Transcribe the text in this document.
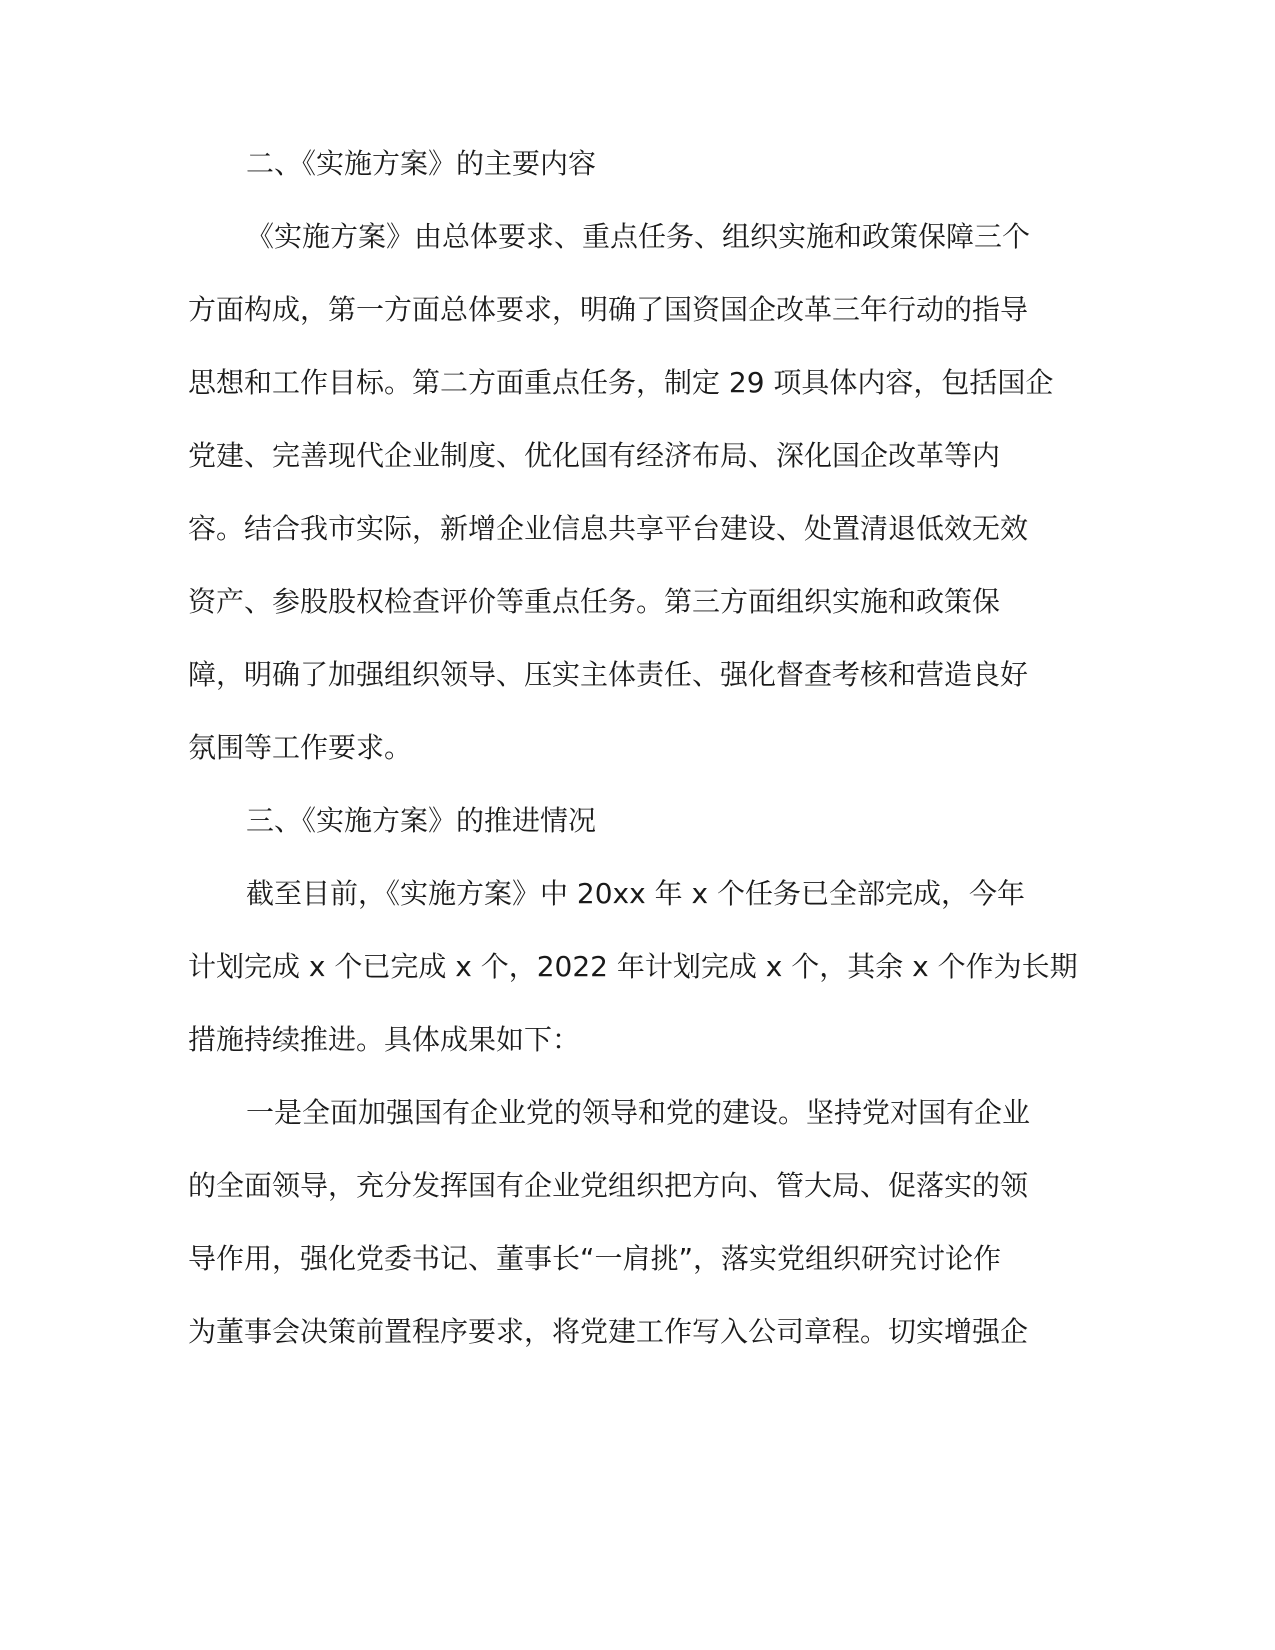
二、《实施方案》的主要内容
《实施方案》由总体要求、重点任务、组织实施和政策保障三个
方面构成，第一方面总体要求，明确了国资国企改革三年行动的指导
思想和工作目标。第二方面重点任务，制定 29 项具体内容，包括国企
党建、完善现代企业制度、优化国有经济布局、深化国企改革等内
容。结合我市实际，新增企业信息共享平台建设、处置清退低效无效
资产、参股股权检查评价等重点任务。第三方面组织实施和政策保
障，明确了加强组织领导、压实主体责任、强化督查考核和营造良好
氛围等工作要求。
三、《实施方案》的推进情况
截至目前，《实施方案》中 20xx 年 x 个任务已全部完成，今年
计划完成 x 个已完成 x 个，2022 年计划完成 x 个，其余 x 个作为长期
措施持续推进。具体成果如下：
一是全面加强国有企业党的领导和党的建设。坚持党对国有企业
的全面领导，充分发挥国有企业党组织把方向、管大局、促落实的领
导作用，强化党委书记、董事长“一肩挑”，落实党组织研究讨论作
为董事会决策前置程序要求，将党建工作写入公司章程。切实增强企
